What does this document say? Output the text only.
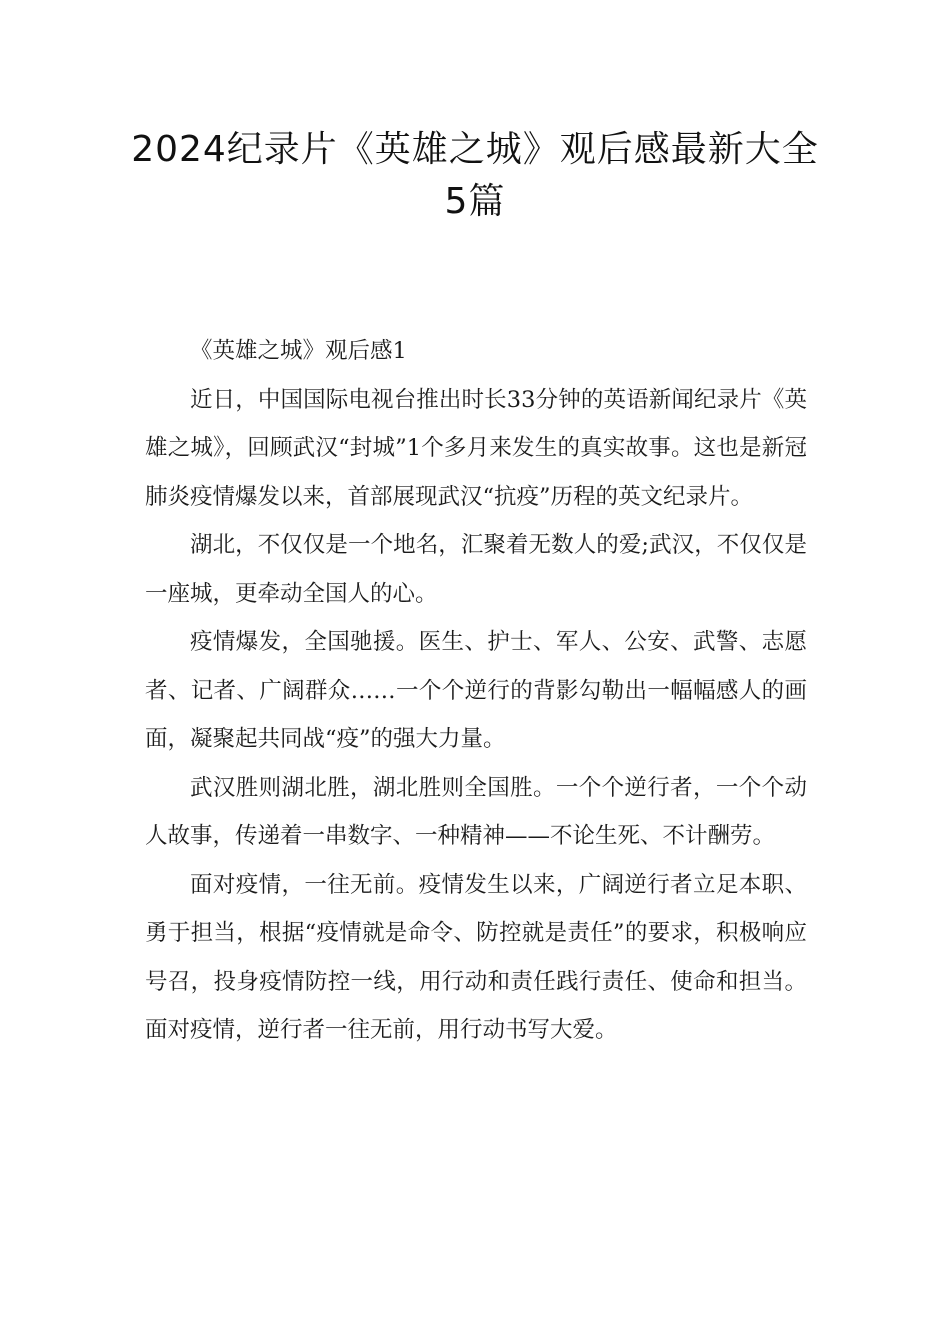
2024纪录片《英雄之城》观后感最新大全5篇

《英雄之城》观后感1

近日，中国国际电视台推出时长33分钟的英语新闻纪录片《英雄之城》，回顾武汉“封城”1个多月来发生的真实故事。这也是新冠肺炎疫情爆发以来，首部展现武汉“抗疫”历程的英文纪录片。

湖北，不仅仅是一个地名，汇聚着无数人的爱;武汉，不仅仅是一座城，更牵动全国人的心。

疫情爆发，全国驰援。医生、护士、军人、公安、武警、志愿者、记者、广阔群众……一个个逆行的背影勾勒出一幅幅感人的画面，凝聚起共同战“疫”的强大力量。

武汉胜则湖北胜，湖北胜则全国胜。一个个逆行者，一个个动人故事，传递着一串数字、一种精神——不论生死、不计酬劳。

面对疫情，一往无前。疫情发生以来，广阔逆行者立足本职、勇于担当，根据“疫情就是命令、防控就是责任”的要求，积极响应号召，投身疫情防控一线，用行动和责任践行责任、使命和担当。面对疫情，逆行者一往无前，用行动书写大爱。
